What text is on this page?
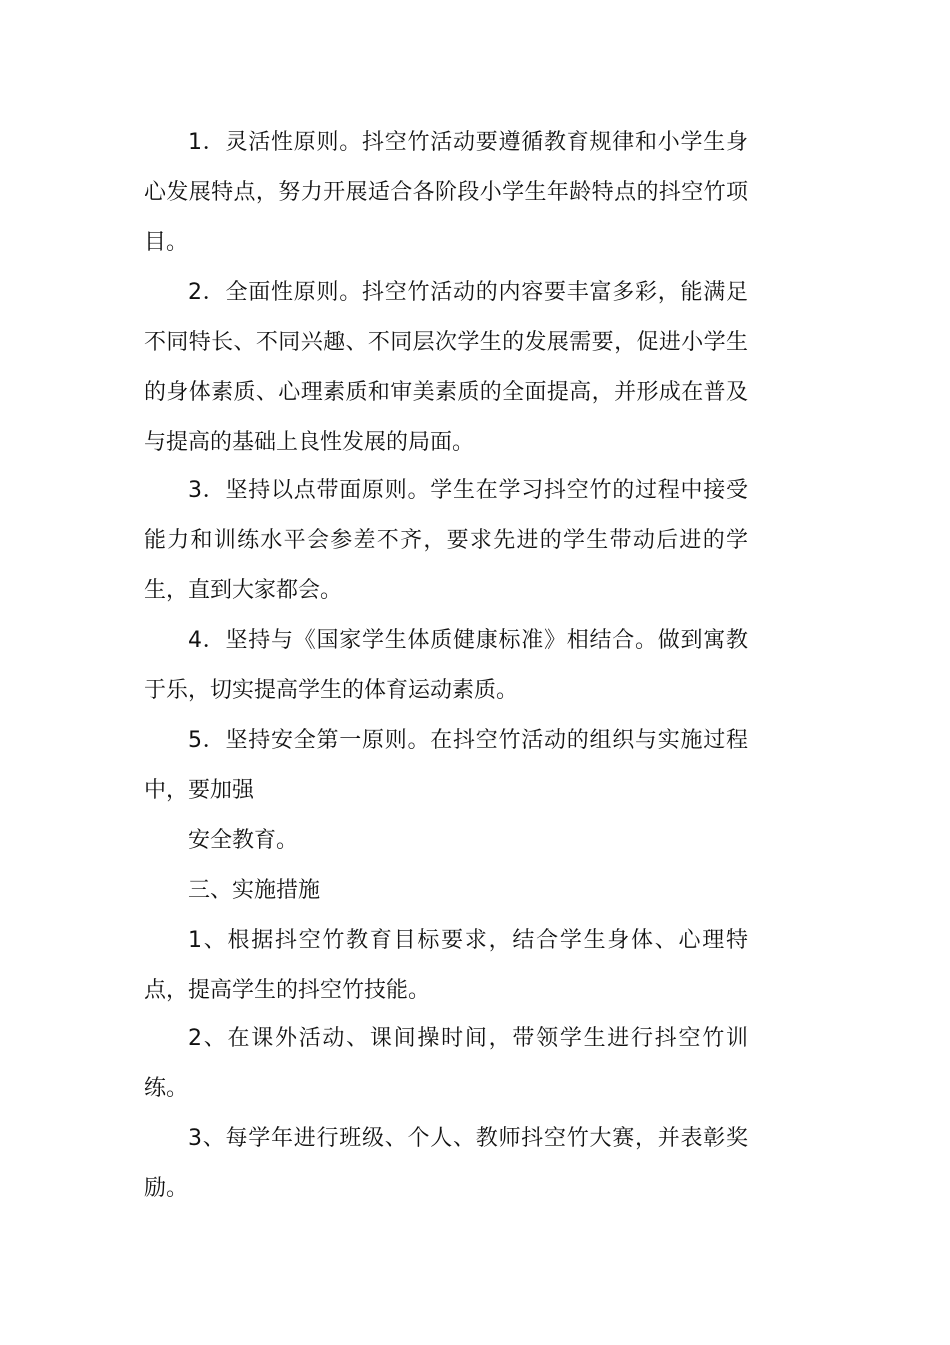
1．灵活性原则。抖空竹活动要遵循教育规律和小学生身心发展特点，努力开展适合各阶段小学生年龄特点的抖空竹项目。

2．全面性原则。抖空竹活动的内容要丰富多彩，能满足不同特长、不同兴趣、不同层次学生的发展需要，促进小学生的身体素质、心理素质和审美素质的全面提高，并形成在普及与提高的基础上良性发展的局面。

3．坚持以点带面原则。学生在学习抖空竹的过程中接受能力和训练水平会参差不齐，要求先进的学生带动后进的学生，直到大家都会。

4．坚持与《国家学生体质健康标准》相结合。做到寓教于乐，切实提高学生的体育运动素质。

5．坚持安全第一原则。在抖空竹活动的组织与实施过程中，要加强

安全教育。

三、实施措施

1、根据抖空竹教育目标要求，结合学生身体、心理特点，提高学生的抖空竹技能。

2、在课外活动、课间操时间，带领学生进行抖空竹训练。

3、每学年进行班级、个人、教师抖空竹大赛，并表彰奖励。
